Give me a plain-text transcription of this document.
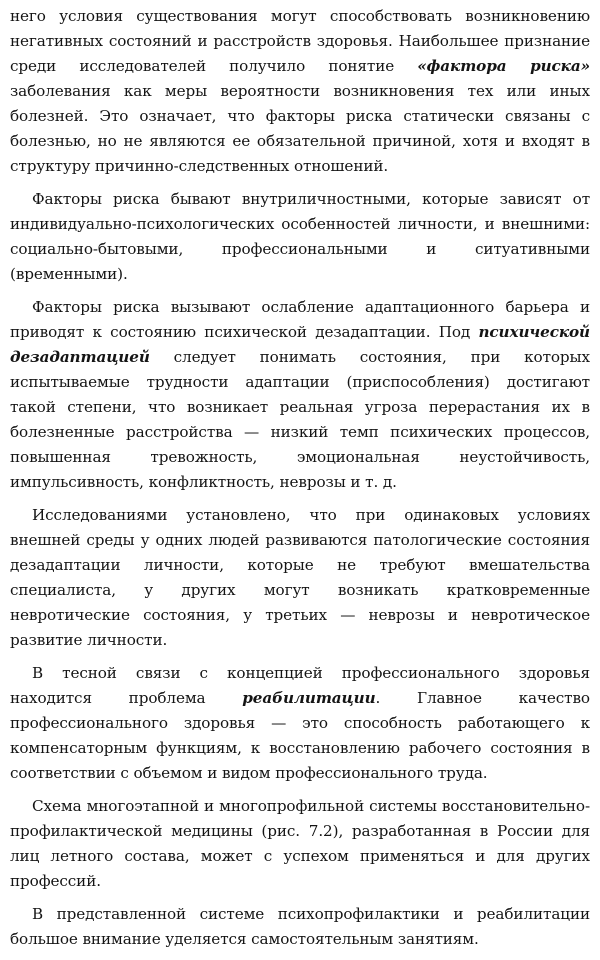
него условия существования могут способствовать возникновению негативных состояний и расстройств здоровья. Наибольшее признание среди исследователей получило понятие «фактора риска» заболевания как меры вероятности возникновения тех или иных болезней. Это означает, что факторы риска статически связаны с болезнью, но не являются ее обязательной причиной, хотя и входят в структуру причинно-следственных отношений.

Факторы риска бывают внутриличностными, которые зависят от индивидуально-психологических особенностей личности, и внешними: социально-бытовыми, профессиональными и ситуативными (временными).

Факторы риска вызывают ослабление адаптационного барьера и приводят к состоянию психической дезадаптации. Под психической дезадаптацией следует понимать состояния, при которых испытываемые трудности адаптации (приспособления) достигают такой степени, что возникает реальная угроза перерастания их в болезненные расстройства — низкий темп психических процессов, повышенная тревожность, эмоциональная неустойчивость, импульсивность, конфликтность, неврозы и т. д.

Исследованиями установлено, что при одинаковых условиях внешней среды у одних людей развиваются патологические состояния дезадаптации личности, которые не требуют вмешательства специалиста, у других могут возникать кратковременные невротические состояния, у третьих — неврозы и невротическое развитие личности.

В тесной связи с концепцией профессионального здоровья находится проблема реабилитации. Главное качество профессионального здоровья — это способность работающего к компенсаторным функциям, к восстановлению рабочего состояния в соответствии с объемом и видом профессионального труда.

Схема многоэтапной и многопрофильной системы восстановительно-профилактической медицины (рис. 7.2), разработанная в России для лиц летного состава, может с успехом применяться и для других профессий.

В представленной системе психопрофилактики и реабилитации большое внимание уделяется самостоятельным занятиям.
